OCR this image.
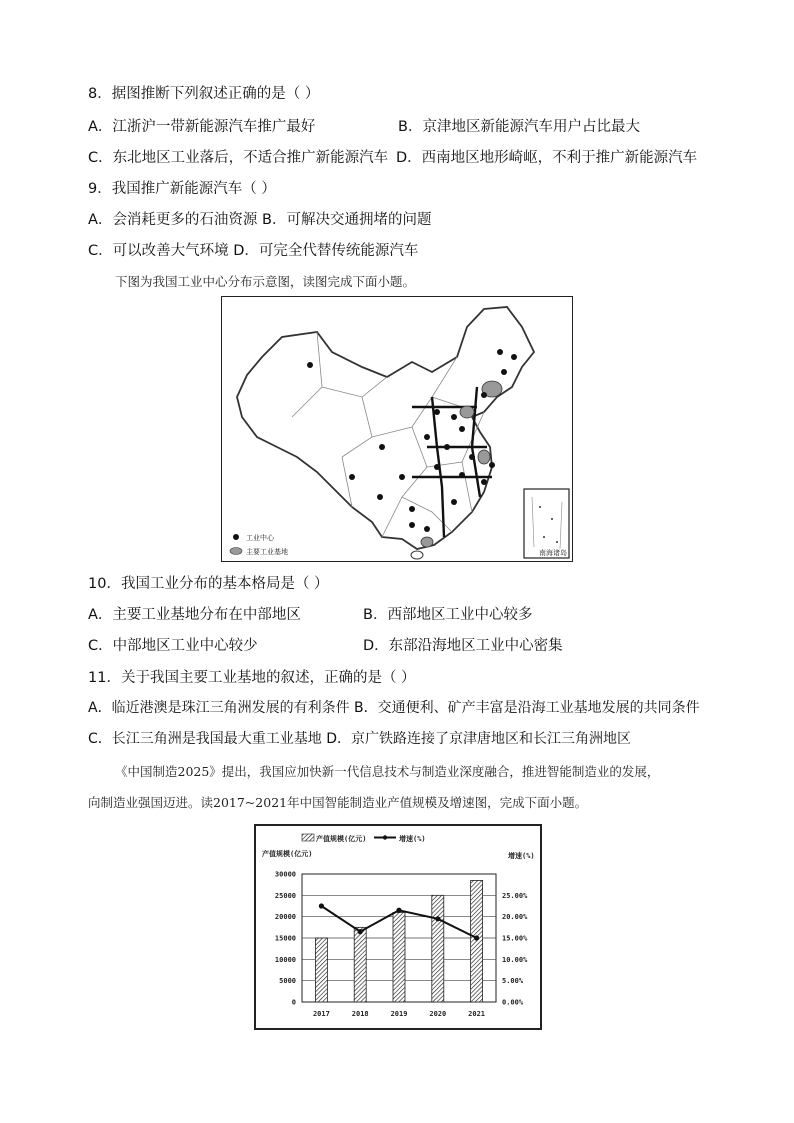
8．据图推断下列叙述正确的是（ ）
A．江浙沪一带新能源汽车推广最好	B．京津地区新能源汽车用户占比最大
C．东北地区工业落后，不适合推广新能源汽车 D．西南地区地形崎岖，不利于推广新能源汽车
9．我国推广新能源汽车（ ）
A．会消耗更多的石油资源 B．可解决交通拥堵的问题
C．可以改善大气环境 D．可完全代替传统能源汽车
下图为我国工业中心分布示意图，读图完成下面小题。
南海诸岛
工业中心
主要工业基地
10．我国工业分布的基本格局是（ ）
A．主要工业基地分布在中部地区	B．西部地区工业中心较多
C．中部地区工业中心较少	D．东部沿海地区工业中心密集
11．关于我国主要工业基地的叙述，正确的是（ ）
A．临近港澳是珠江三角洲发展的有利条件 B．交通便利、矿产丰富是沿海工业基地发展的共同条件
C．长江三角洲是我国最大重工业基地 D．京广铁路连接了京津唐地区和长江三角洲地区
《中国制造2025》提出，我国应加快新一代信息技术与制造业深度融合，推进智能制造业的发展，
向制造业强国迈进。读2017~2021年中国智能制造业产值规模及增速图，完成下面小题。
产值规模(亿元)	增速(%)
产值规模(亿元)	增速(%)
0
5000
10000
15000
20000
25000
30000
0.00%
5.00%
10.00%
15.00%
20.00%
25.00%
2017	2018	2019	2020	2021
